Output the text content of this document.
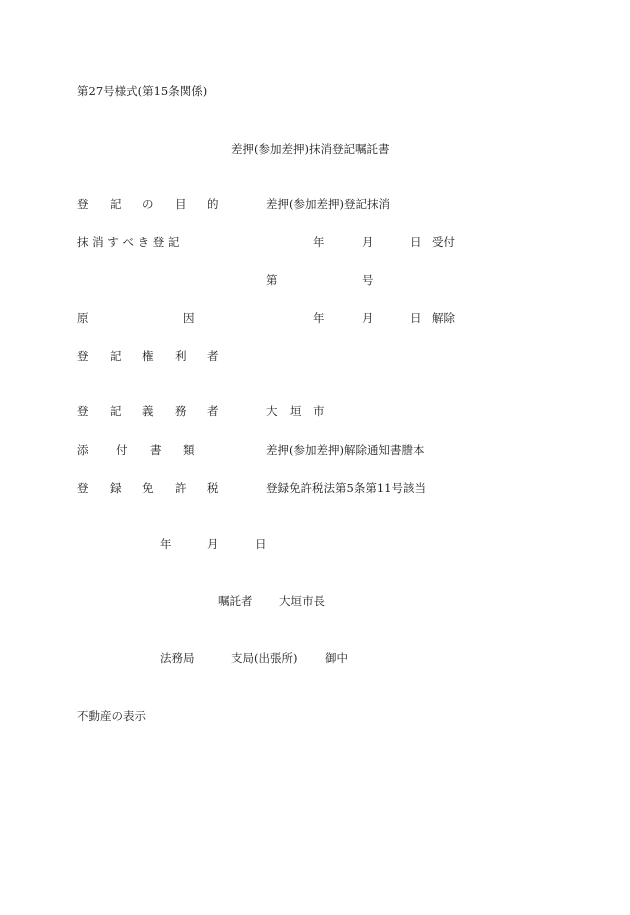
第27号様式(第15条関係)
差押(参加差押)抹消登記嘱託書
登 記 の 目 的	差押(参加差押)登記抹消
抹 消 す べ き 登 記	年	月	日 受付
第	号
原	因	年	月	日 解除
登 記 権 利 者
登 記 義 務 者	大 垣 市
添 付 書 類	差押(参加差押)解除通知書謄本
登 録 免 許 税	登録免許税法第5条第11号該当
年	月	日
嘱託者 大垣市長
法務局	支局(出張所) 御中
不動産の表示
